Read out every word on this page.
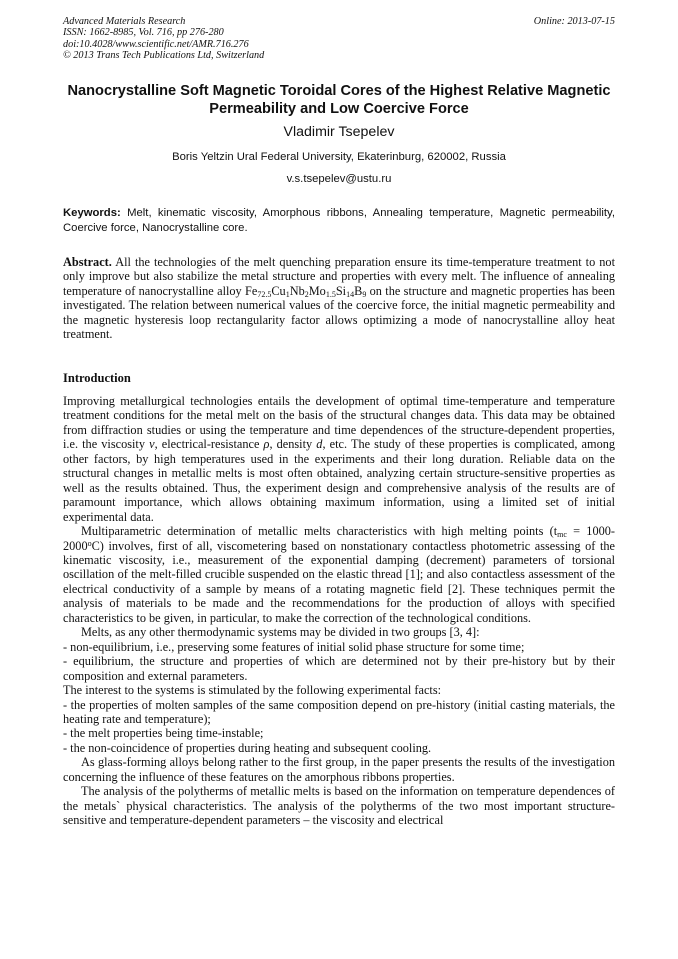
Advanced Materials Research
ISSN: 1662-8985, Vol. 716, pp 276-280
doi:10.4028/www.scientific.net/AMR.716.276
© 2013 Trans Tech Publications Ltd, Switzerland
Online: 2013-07-15
Nanocrystalline Soft Magnetic Toroidal Cores of the Highest Relative Magnetic Permeability and Low Coercive Force
Vladimir Tsepelev
Boris Yeltzin Ural Federal University, Ekaterinburg, 620002, Russia
v.s.tsepelev@ustu.ru
Keywords: Melt, kinematic viscosity, Amorphous ribbons, Annealing temperature, Magnetic permeability, Coercive force, Nanocrystalline core.
Abstract. All the technologies of the melt quenching preparation ensure its time-temperature treatment to not only improve but also stabilize the metal structure and properties with every melt. The influence of annealing temperature of nanocrystalline alloy $Fe_{72.5}Cu_1Nb_2Mo_{1.5}Si_{14}B_9$ on the structure and magnetic properties has been investigated. The relation between numerical values of the coercive force, the initial magnetic permeability and the magnetic hysteresis loop rectangularity factor allows optimizing a mode of nanocrystalline alloy heat treatment.
Introduction

Improving metallurgical technologies entails the development of optimal time-temperature and temperature treatment conditions for the metal melt on the basis of the structural changes data. This data may be obtained from diffraction studies or using the temperature and time dependences of the structure-dependent properties, i.e. the viscosity ν, electrical-resistance ρ, density d, etc. The study of these properties is complicated, among other factors, by high temperatures used in the experiments and their long duration. Reliable data on the structural changes in metallic melts is most often obtained, analyzing certain structure-sensitive properties as well as the results obtained. Thus, the experiment design and comprehensive analysis of the results are of paramount importance, which allows obtaining maximum information, using a limited set of initial experimental data.

Multiparametric determination of metallic melts characteristics with high melting points $(t_{mc} = 1000-2000^oC)$ involves, first of all, viscometering based on nonstationary contactless photometric assessing of the kinematic viscosity, i.e., measurement of the exponential damping (decrement) parameters of torsional oscillation of the melt-filled crucible suspended on the elastic thread [1]; and also contactless assessment of the electrical conductivity of a sample by means of a rotating magnetic field [2]. These techniques permit the analysis of materials to be made and the recommendations for the production of alloys with specified characteristics to be given, in particular, to make the correction of the technological conditions.

Melts, as any other thermodynamic systems may be divided in two groups [3, 4]:

- non-equilibrium, i.e., preserving some features of initial solid phase structure for some time;

- equilibrium, the structure and properties of which are determined not by their pre-history but by their composition and external parameters.

The interest to the systems is stimulated by the following experimental facts:

- the properties of molten samples of the same composition depend on pre-history (initial casting materials, the heating rate and temperature);

- the melt properties being time-instable;

- the non-coincidence of properties during heating and subsequent cooling.

As glass-forming alloys belong rather to the first group, in the paper presents the results of the investigation concerning the influence of these features on the amorphous ribbons properties.

The analysis of the polytherms of metallic melts is based on the information on temperature dependences of the metals` physical characteristics. The analysis of the polytherms of the two most important structure-sensitive and temperature-dependent parameters – the viscosity and electrical
